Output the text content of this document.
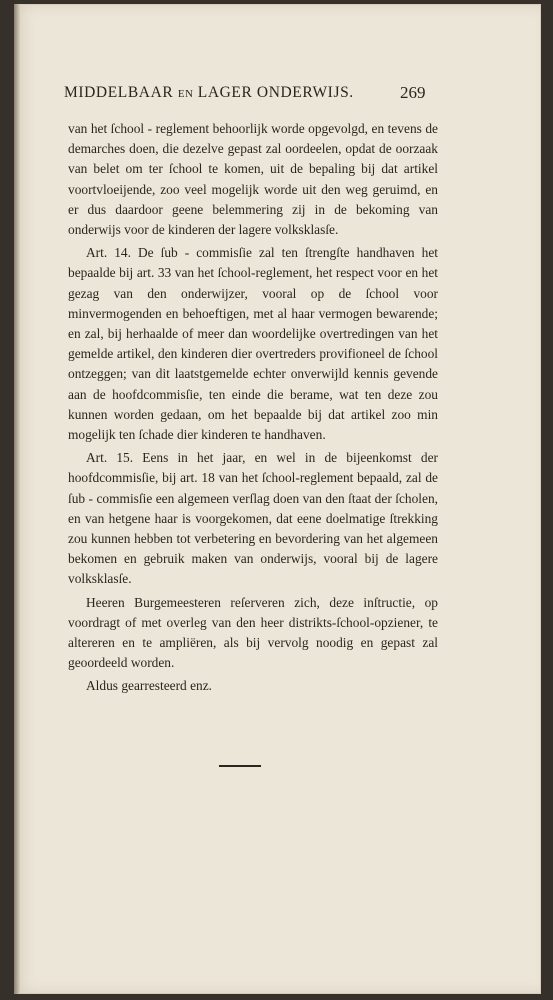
MIDDELBAAR EN LAGER ONDERWIJS.	269

van het ſchool - reglement behoorlijk worde opgevolgd, en tevens de demarches doen, die dezelve gepast zal oordeelen, opdat de oorzaak van belet om ter ſchool te komen, uit de bepaling bij dat artikel voortvloeijende, zoo veel mogelijk worde uit den weg geruimd, en er dus daardoor geene belemmering zij in de bekoming van onderwijs voor de kinderen der lagere volksklasſe.

Art. 14. De ſub - commisſie zal ten ſtrengſte handhaven het bepaalde bij art. 33 van het ſchool-reglement, het respect voor en het gezag van den onderwijzer, vooral op de ſchool voor minvermogenden en behoeftigen, met al haar vermogen bewarende; en zal, bij herhaalde of meer dan woordelijke overtredingen van het gemelde artikel, den kinderen dier overtreders provifioneel de ſchool ontzeggen; van dit laatstgemelde echter onverwijld kennis gevende aan de hoofdcommisſie, ten einde die berame, wat ten deze zou kunnen worden gedaan, om het bepaalde bij dat artikel zoo min mogelijk ten ſchade dier kinderen te handhaven.

Art. 15. Eens in het jaar, en wel in de bijeenkomst der hoofdcommisſie, bij art. 18 van het ſchool-reglement bepaald, zal de ſub - commisſie een algemeen verſlag doen van den ſtaat der ſcholen, en van hetgene haar is voorgekomen, dat eene doelmatige ſtrekking zou kunnen hebben tot verbetering en bevordering van het algemeen bekomen en gebruik maken van onderwijs, vooral bij de lagere volksklasſe.

Heeren Burgemeesteren reſerveren zich, deze inſtructie, op voordragt of met overleg van den heer distrikts-ſchool-opziener, te altereren en te ampliëren, als bij vervolg noodig en gepast zal geoordeeld worden.

Aldus gearresteerd enz.
